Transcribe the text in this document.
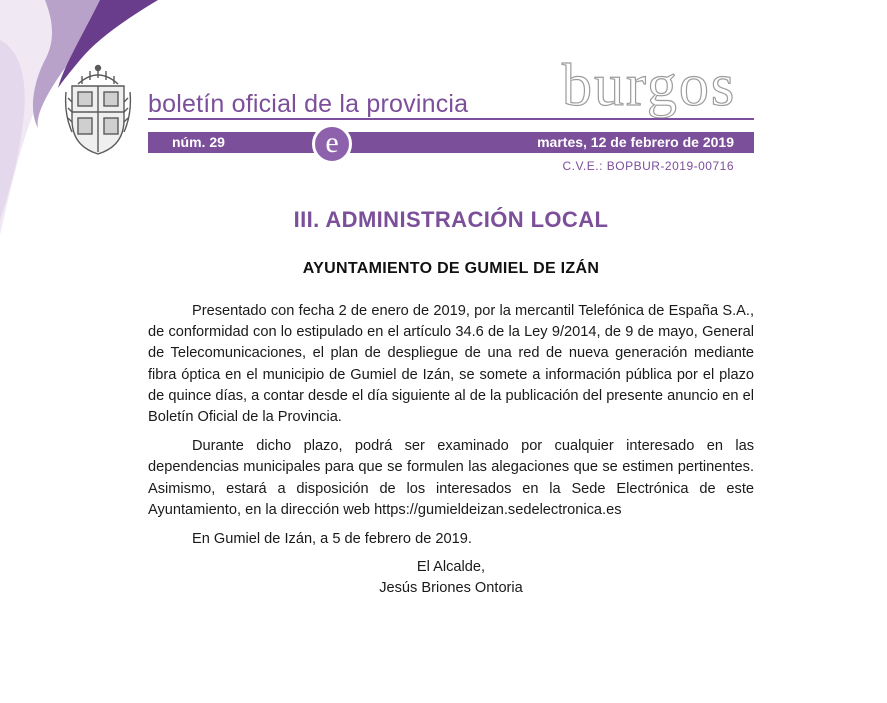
boletín oficial de la provincia burgos
núm. 29	martes, 12 de febrero de 2019
e
C.V.E.: BOPBUR-2019-00716
III. ADMINISTRACIÓN LOCAL
AYUNTAMIENTO DE GUMIEL DE IZÁN

Presentado con fecha 2 de enero de 2019, por la mercantil Telefónica de España S.A., de conformidad con lo estipulado en el artículo 34.6 de la Ley 9/2014, de 9 de mayo, General de Telecomunicaciones, el plan de despliegue de una red de nueva generación mediante fibra óptica en el municipio de Gumiel de Izán, se somete a información pública por el plazo de quince días, a contar desde el día siguiente al de la publicación del presente anuncio en el Boletín Oficial de la Provincia.

Durante dicho plazo, podrá ser examinado por cualquier interesado en las dependencias municipales para que se formulen las alegaciones que se estimen pertinentes. Asimismo, estará a disposición de los interesados en la Sede Electrónica de este Ayuntamiento, en la dirección web https://gumieldeizan.sedelectronica.es

En Gumiel de Izán, a 5 de febrero de 2019.

El Alcalde,
Jesús Briones Ontoria
